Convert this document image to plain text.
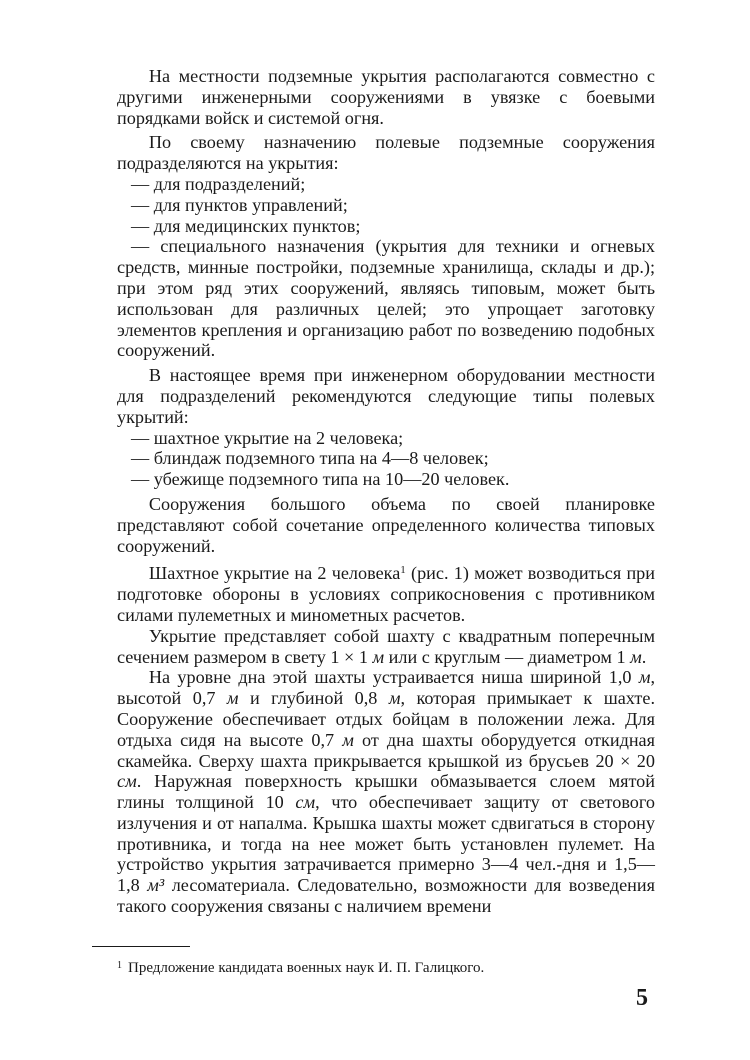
На местности подземные укрытия располагаются совместно с другими инженерными сооружениями в увязке с боевыми порядками войск и системой огня.

По своему назначению полевые подземные сооружения подразделяются на укрытия:

— для подразделений;
— для пунктов управлений;
— для медицинских пунктов;
— специального назначения (укрытия для техники и огневых средств, минные постройки, подземные хранилища, склады и др.); при этом ряд этих сооружений, являясь типовым, может быть использован для различных целей; это упрощает заготовку элементов крепления и организацию работ по возведению подобных сооружений.

В настоящее время при инженерном оборудовании местности для подразделений рекомендуются следующие типы полевых укрытий:

— шахтное укрытие на 2 человека;
— блиндаж подземного типа на 4—8 человек;
— убежище подземного типа на 10—20 человек.

Сооружения большого объема по своей планировке представляют собой сочетание определенного количества типовых сооружений.

Шахтное укрытие на 2 человека$^1$ (рис. 1) может возводиться при подготовке обороны в условиях соприкосновения с противником силами пулеметных и минометных расчетов.

Укрытие представляет собой шахту с квадратным поперечным сечением размером в свету 1 × 1 м или с круглым — диаметром 1 м.

На уровне дна этой шахты устраивается ниша шириной 1,0 м, высотой 0,7 м и глубиной 0,8 м, которая примыкает к шахте. Сооружение обеспечивает отдых бойцам в положении лежа. Для отдыха сидя на высоте 0,7 м от дна шахты оборудуется откидная скамейка. Сверху шахта прикрывается крышкой из брусьев 20 × 20 см. Наружная поверхность крышки обмазывается слоем мятой глины толщиной 10 см, что обеспечивает защиту от светового излучения и от напалма. Крышка шахты может сдвигаться в сторону противника, и тогда на нее может быть установлен пулемет. На устройство укрытия затрачивается примерно 3—4 чел.-дня и 1,5—1,8 м³ лесоматериала. Следовательно, возможности для возведения такого сооружения связаны с наличием времени

$^1$ Предложение кандидата военных наук И. П. Галицкого.
5
